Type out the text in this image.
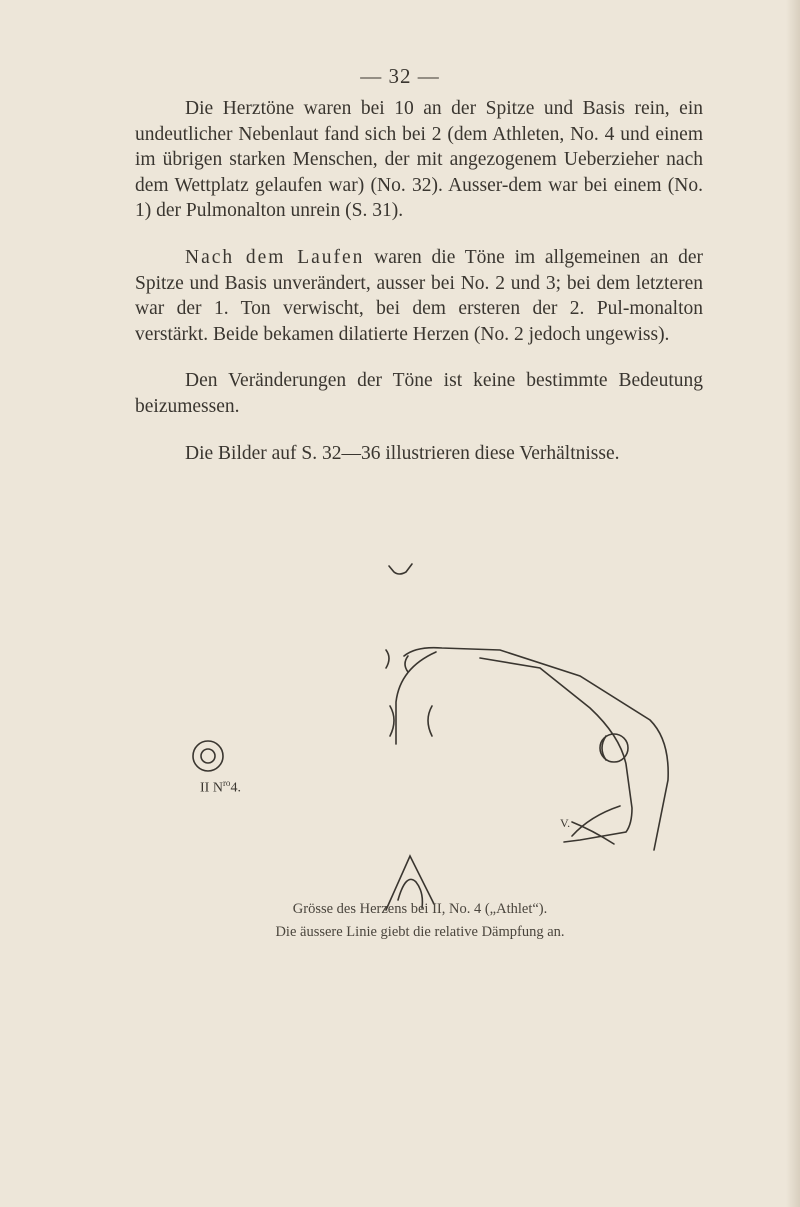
— 32 —

Die Herztöne waren bei 10 an der Spitze und Basis rein, ein undeutlicher Nebenlaut fand sich bei 2 (dem Athleten, No. 4 und einem im übrigen starken Menschen, der mit angezogenem Ueberzieher nach dem Wettplatz gelaufen war) (No. 32). Ausser-dem war bei einem (No. 1) der Pulmonalton unrein (S. 31).

Nach dem Laufen waren die Töne im allgemeinen an der Spitze und Basis unverändert, ausser bei No. 2 und 3; bei dem letzteren war der 1. Ton verwischt, bei dem ersteren der 2. Pul-monalton verstärkt. Beide bekamen dilatierte Herzen (No. 2 jedoch ungewiss).

Den Veränderungen der Töne ist keine bestimmte Bedeutung beizumessen.

Die Bilder auf S. 32—36 illustrieren diese Verhältnisse.

II $N^{ro}4$.
V.
Grösse des Herzens bei II, No. 4 („Athlet“).
Die äussere Linie giebt die relative Dämpfung an.
